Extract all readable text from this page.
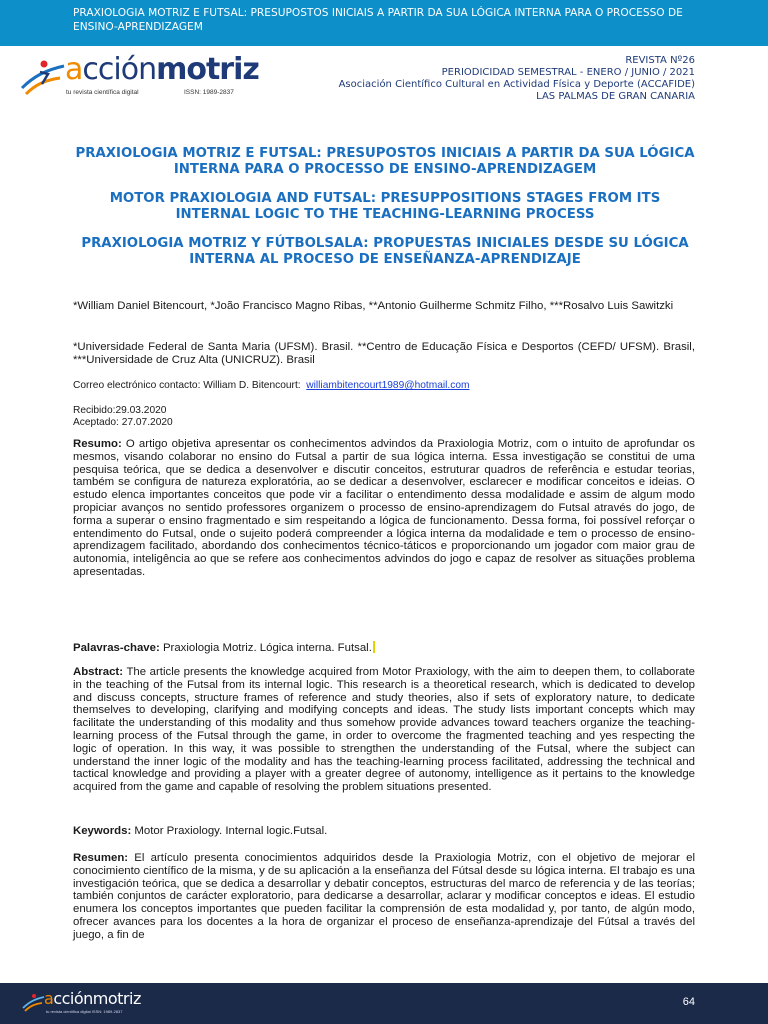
PRAXIOLOGIA MOTRIZ E FUTSAL: PRESUPOSTOS INICIAIS A PARTIR DA SUA LÓGICA INTERNA PARA O PROCESSO DE ENSINO-APRENDIZAGEM
acciónmotriz
tu revista científica digital	ISSN: 1989-2837
REVISTA Nº26
PERIODICIDAD SEMESTRAL - ENERO / JUNIO / 2021
Asociación Científico Cultural en Actividad Física y Deporte (ACCAFIDE)
LAS PALMAS DE GRAN CANARIA
PRAXIOLOGIA MOTRIZ E FUTSAL: PRESUPOSTOS INICIAIS A PARTIR DA SUA LÓGICA INTERNA PARA O PROCESSO DE ENSINO-APRENDIZAGEM
MOTOR PRAXIOLOGIA AND FUTSAL: PRESUPPOSITIONS STAGES FROM ITS INTERNAL LOGIC TO THE TEACHING-LEARNING PROCESS
PRAXIOLOGIA MOTRIZ Y FÚTBOLSALA: PROPUESTAS INICIALES DESDE SU LÓGICA INTERNA AL PROCESO DE ENSEÑANZA-APRENDIZAJE
*William Daniel Bitencourt, *João Francisco Magno Ribas, **Antonio Guilherme Schmitz Filho, ***Rosalvo Luis Sawitzki
*Universidade Federal de Santa Maria (UFSM). Brasil. **Centro de Educação Física e Desportos (CEFD/ UFSM). Brasil, ***Universidade de Cruz Alta (UNICRUZ). Brasil
Correo electrónico contacto: William D. Bitencourt: williambitencourt1989@hotmail.com
Recibido:29.03.2020
Aceptado: 27.07.2020
Resumo: O artigo objetiva apresentar os conhecimentos advindos da Praxiologia Motriz, com o intuito de aprofundar os mesmos, visando colaborar no ensino do Futsal a partir de sua lógica interna. Essa investigação se constitui de uma pesquisa teórica, que se dedica a desenvolver e discutir conceitos, estruturar quadros de referência e estudar teorias, também se configura de natureza exploratória, ao se dedicar a desenvolver, esclarecer e modificar conceitos e ideias. O estudo elenca importantes conceitos que pode vir a facilitar o entendimento dessa modalidade e assim de algum modo propiciar avanços no sentido professores organizem o processo de ensino-aprendizagem do Futsal através do jogo, de forma a superar o ensino fragmentado e sim respeitando a lógica de funcionamento. Dessa forma, foi possível reforçar o entendimento do Futsal, onde o sujeito poderá compreender a lógica interna da modalidade e tem o processo de ensino-aprendizagem facilitado, abordando dos conhecimentos técnico-táticos e proporcionando um jogador com maior grau de autonomia, inteligência ao que se refere aos conhecimentos advindos do jogo e capaz de resolver as situações problema apresentadas.
Palavras-chave: Praxiologia Motriz. Lógica interna. Futsal.
Abstract: The article presents the knowledge acquired from Motor Praxiology, with the aim to deepen them, to collaborate in the teaching of the Futsal from its internal logic. This research is a theoretical research, which is dedicated to develop and discuss concepts, structure frames of reference and study theories, also if sets of exploratory nature, to dedicate themselves to developing, clarifying and modifying concepts and ideas. The study lists important concepts which may facilitate the understanding of this modality and thus somehow provide advances toward teachers organize the teaching-learning process of the Futsal through the game, in order to overcome the fragmented teaching and yes respecting the logic of operation. In this way, it was possible to strengthen the understanding of the Futsal, where the subject can understand the inner logic of the modality and has the teaching-learning process facilitated, addressing the technical and tactical knowledge and providing a player with a greater degree of autonomy, intelligence as it pertains to the knowledge acquired from the game and capable of resolving the problem situations presented.
Keywords: Motor Praxiology. Internal logic.Futsal.
Resumen: El artículo presenta conocimientos adquiridos desde la Praxiologia Motriz, con el objetivo de mejorar el conocimiento científico de la misma, y de su aplicación a la enseñanza del Fútsal desde su lógica interna. El trabajo es una investigación teórica, que se dedica a desarrollar y debatir conceptos, estructuras del marco de referencia y de las teorías; también conjuntos de carácter exploratorio, para dedicarse a desarrollar, aclarar y modificar conceptos e ideas. El estudio enumera los conceptos importantes que pueden facilitar la comprensión de esta modalidad y, por tanto, de algún modo, ofrecer avances para los docentes a la hora de organizar el proceso de enseñanza-aprendizaje del Fútsal a través del juego, a fin de
acciónmotriz
tu revista científica digital ISSN: 1989-2837
64
